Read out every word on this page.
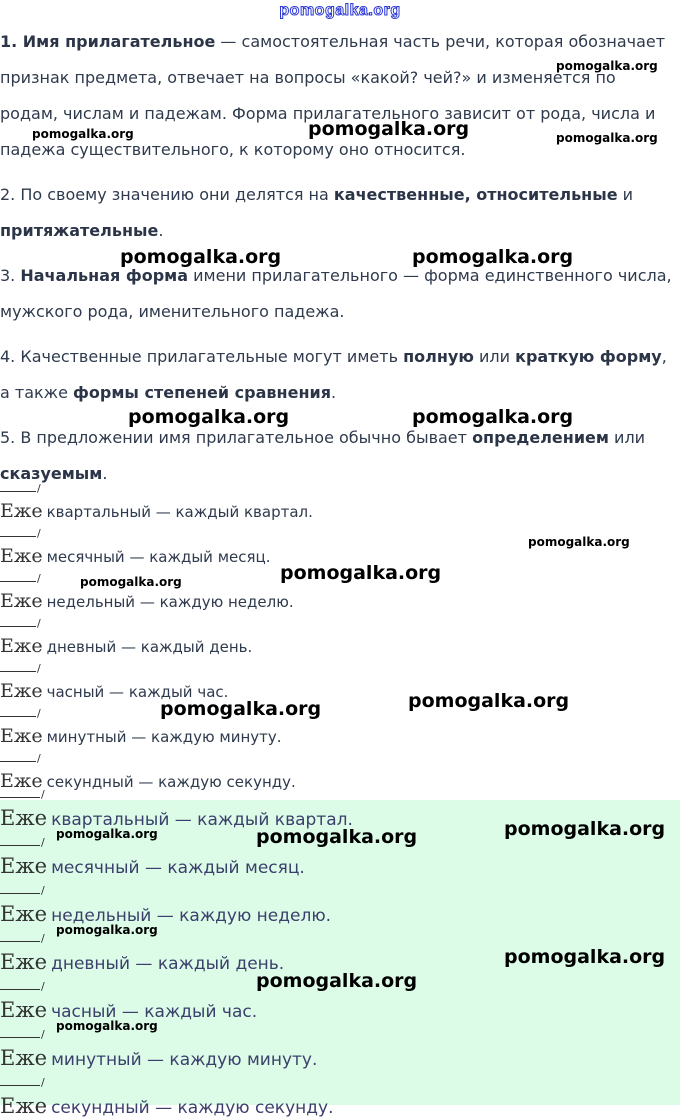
pomogalka.org

1. Имя прилагательное — самостоятельная часть речи, которая обозначает признак предмета, отвечает на вопросы «какой? чей?» и изменяется по родам, числам и падежам. Форма прилагательного зависит от рода, числа и падежа существительного, к которому оно относится.

2. По своему значению они делятся на качественные, относительные и притяжательные.

3. Начальная форма имени прилагательного — форма единственного числа, мужского рода, именительного падежа.

4. Качественные прилагательные могут иметь полную или краткую форму, а также формы степеней сравнения.

5. В предложении имя прилагательное обычно бывает определением или сказуемым.

Еже / квартальный — каждый квартал.
Еже / месячный — каждый месяц.
Еже / недельный — каждую неделю.
Еже / дневный — каждый день.
Еже / часный — каждый час.
Еже / минутный — каждую минуту.
Еже / секундный — каждую секунду.
Еже / квартальный — каждый квартал.
Еже / месячный — каждый месяц.
Еже / недельный — каждую неделю.
Еже / дневный — каждый день.
Еже / часный — каждый час.
Еже / минутный — каждую минуту.
Еже / секундный — каждую секунду.
pomogalka.org
pomogalka.org	pomogalka.org	pomogalka.org
pomogalka.org	pomogalka.org
pomogalka.org	pomogalka.org
pomogalka.org
pomogalka.org	pomogalka.org
pomogalka.org	pomogalka.org
pomogalka.org	pomogalka.org	pomogalka.org
pomogalka.org
pomogalka.org
pomogalka.org
pomogalka.org
